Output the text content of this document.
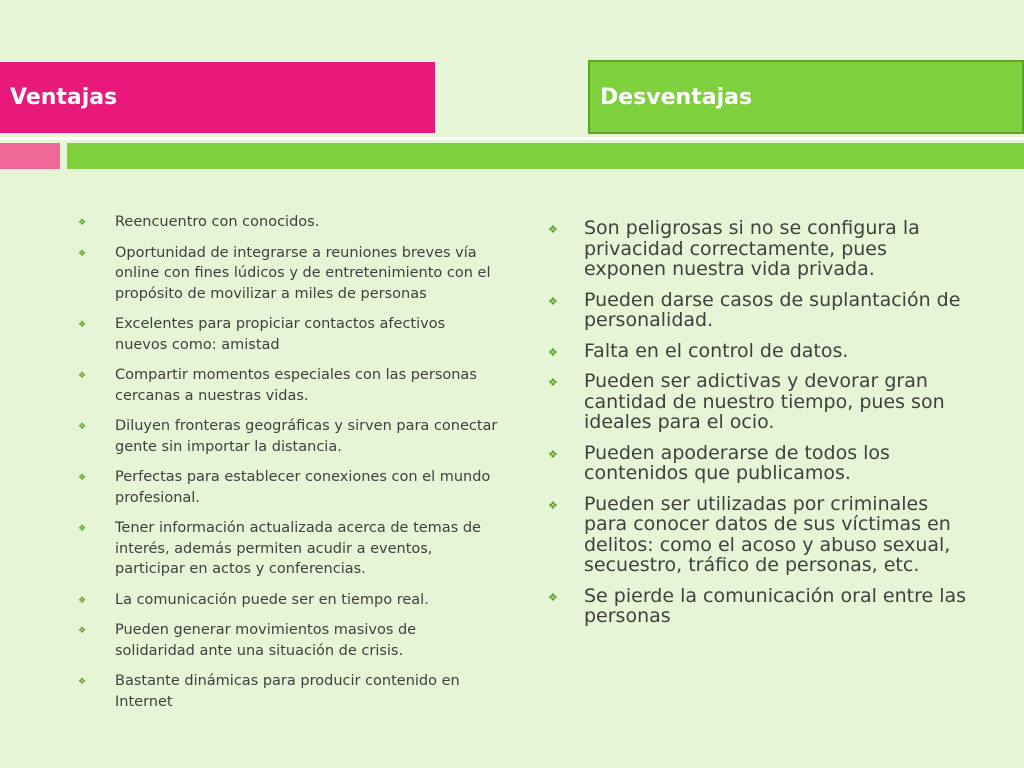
Ventajas	Desventajas
❖ Reencuentro con conocidos.
❖ Oportunidad de integrarse a reuniones breves vía online con fines lúdicos y de entretenimiento con el propósito de movilizar a miles de personas
❖ Excelentes para propiciar contactos afectivos nuevos como: amistad
❖ Compartir momentos especiales con las personas cercanas a nuestras vidas.
❖ Diluyen fronteras geográficas y sirven para conectar gente sin importar la distancia.
❖ Perfectas para establecer conexiones con el mundo profesional.
❖ Tener información actualizada acerca de temas de interés, además permiten acudir a eventos, participar en actos y conferencias.
❖ La comunicación puede ser en tiempo real.
❖ Pueden generar movimientos masivos de solidaridad ante una situación de crisis.
❖ Bastante dinámicas para producir contenido en Internet
❖ Son peligrosas si no se configura la privacidad correctamente, pues exponen nuestra vida privada.
❖ Pueden darse casos de suplantación de personalidad.
❖ Falta en el control de datos.
❖ Pueden ser adictivas y devorar gran cantidad de nuestro tiempo, pues son ideales para el ocio.
❖ Pueden apoderarse de todos los contenidos que publicamos.
❖ Pueden ser utilizadas por criminales para conocer datos de sus víctimas en delitos: como el acoso y abuso sexual, secuestro, tráfico de personas, etc.
❖ Se pierde la comunicación oral entre las personas
